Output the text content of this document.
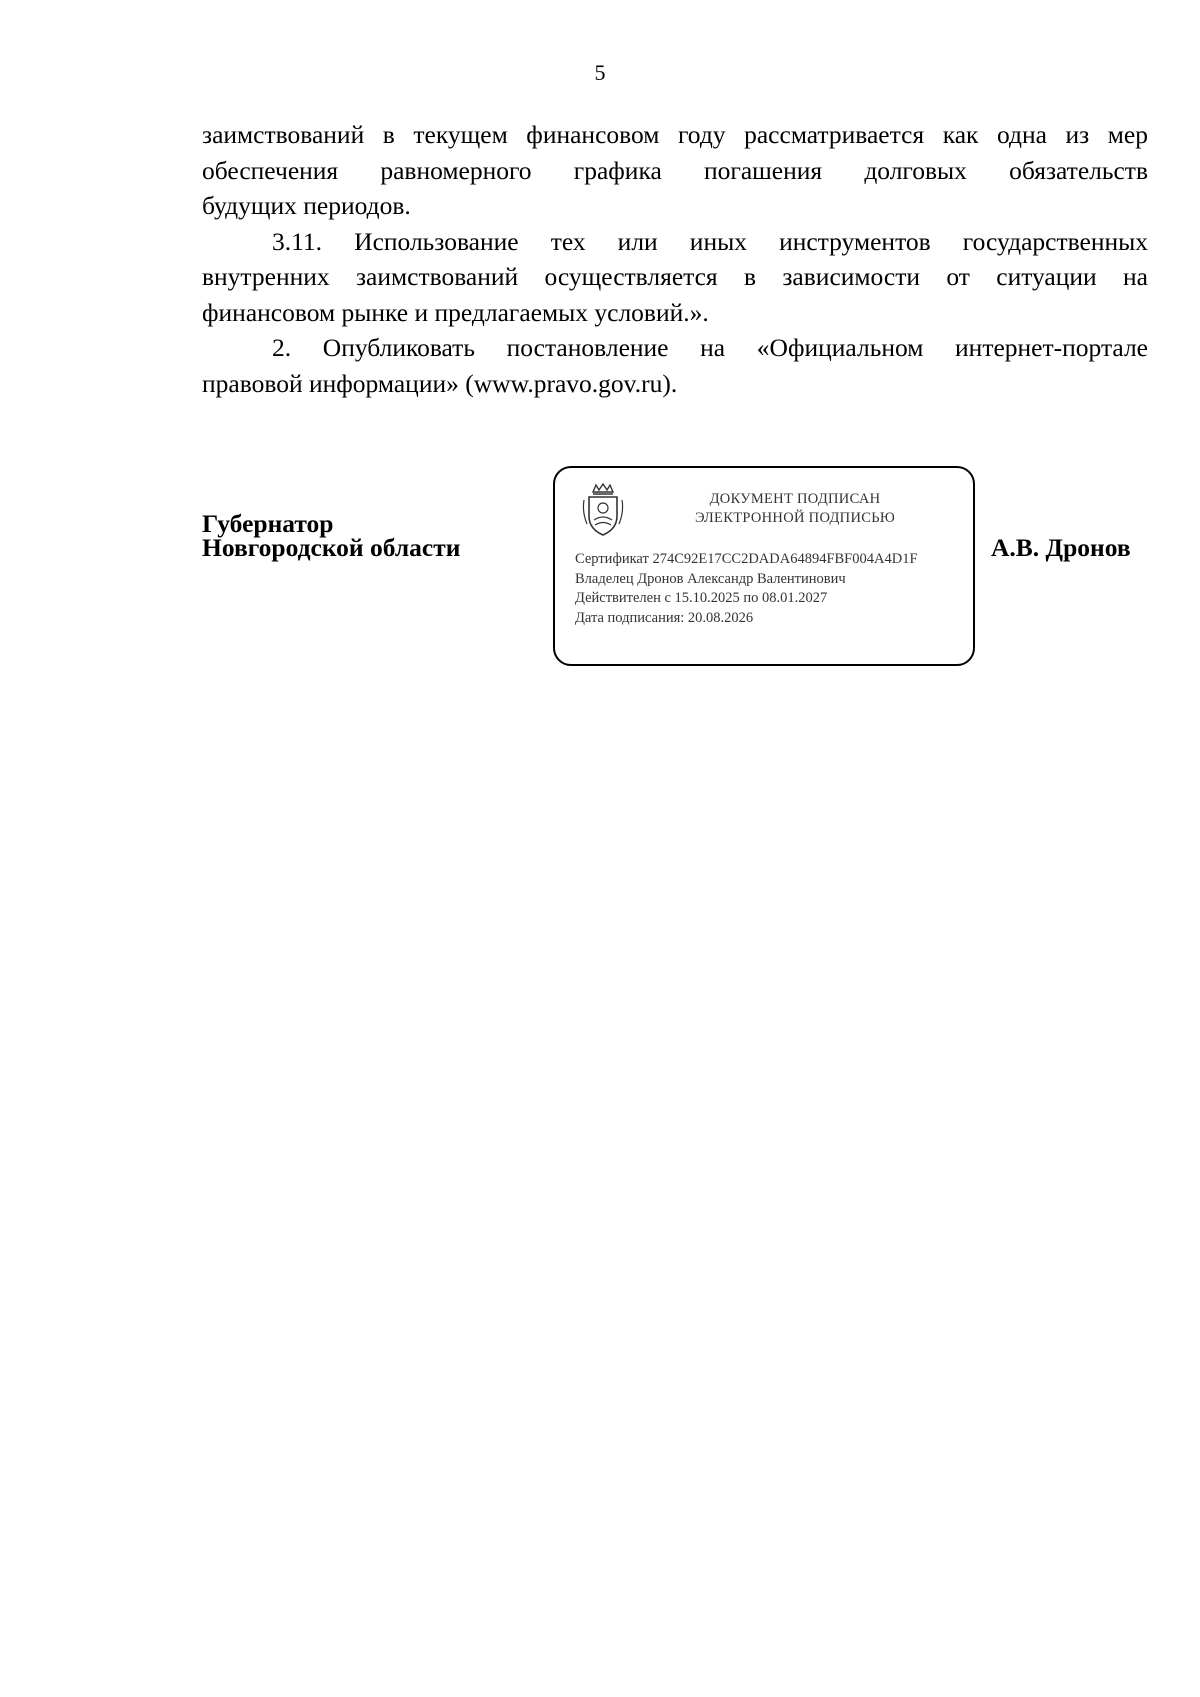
5

заимствований в текущем финансовом году рассматривается как одна из мер

обеспечения равномерного графика погашения долговых обязательств

будущих периодов.

3.11. Использование тех или иных инструментов государственных

внутренних заимствований осуществляется в зависимости от ситуации на

финансовом рынке и предлагаемых условий.».

2. Опубликовать постановление на «Официальном интернет-портале

правовой информации» (www.pravo.gov.ru).

Губернатор
Новгородской области	А.В. Дронов
ДОКУМЕНТ ПОДПИСАН
ЭЛЕКТРОННОЙ ПОДПИСЬЮ
Сертификат 274C92E17CC2DADA64894FBF004A4D1F
Владелец Дронов Александр Валентинович
Действителен с 15.10.2025 по 08.01.2027
Дата подписания: 20.08.2026
